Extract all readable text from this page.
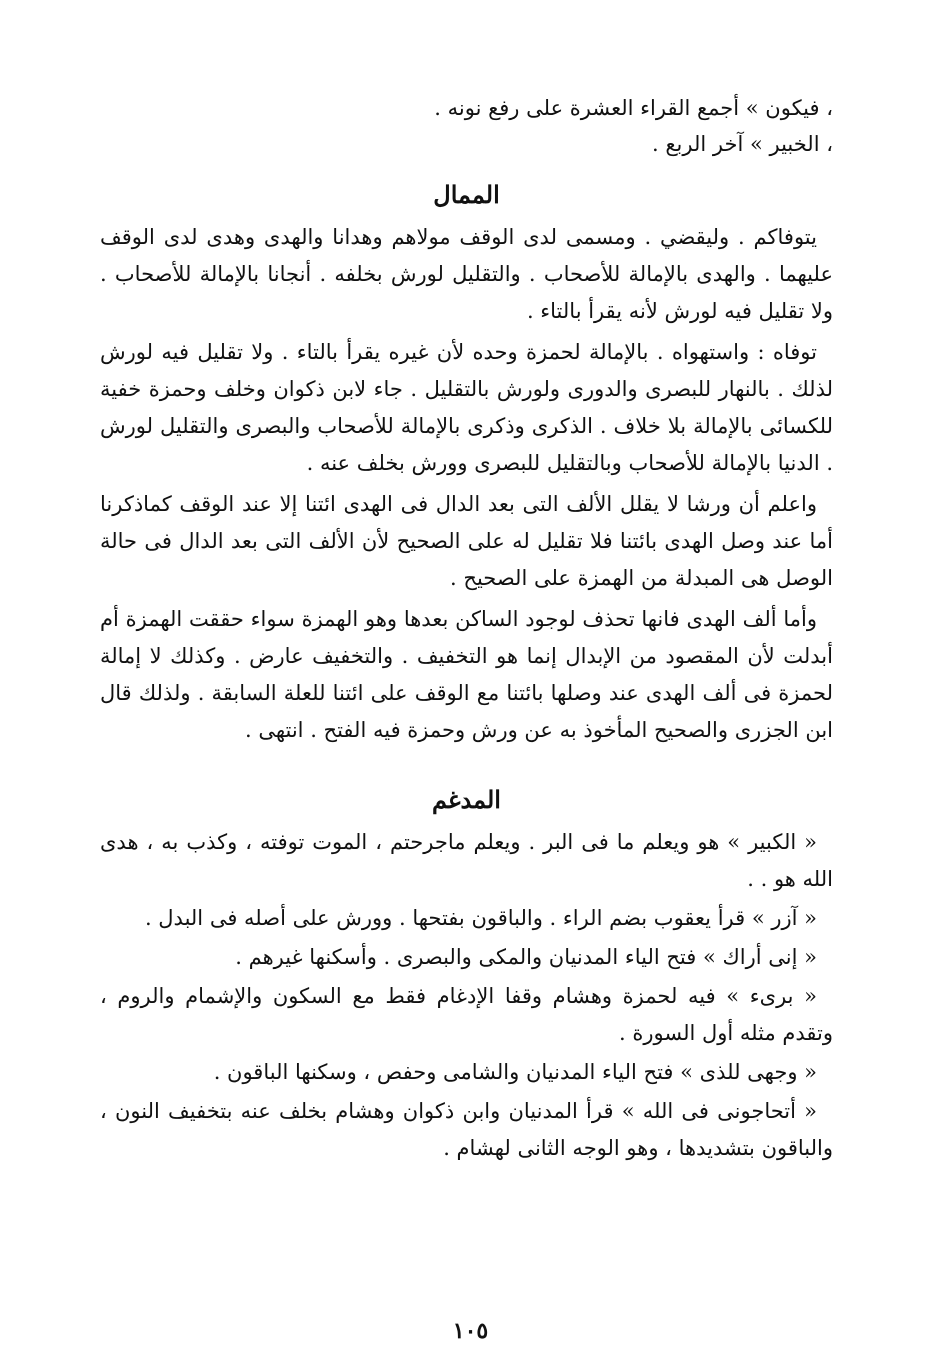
، فيكون » أجمع القراء العشرة على رفع نونه .

، الخبير » آخر الربع .

الممال

يتوفاكم . وليقضي . ومسمى لدى الوقف مولاهم وهدانا والهدى وهدى لدى الوقف عليهما . والهدى بالإمالة للأصحاب . والتقليل لورش بخلفه . أنجانا بالإمالة للأصحاب . ولا تقليل فيه لورش لأنه يقرأ بالتاء .

توفاه : واستهواه . بالإمالة لحمزة وحده لأن غيره يقرأ بالتاء . ولا تقليل فيه لورش لذلك . بالنهار للبصرى والدورى ولورش بالتقليل . جاء لابن ذكوان وخلف وحمزة خفية للكسائى بالإمالة بلا خلاف . الذكرى وذكرى بالإمالة للأصحاب والبصرى والتقليل لورش . الدنيا بالإمالة للأصحاب وبالتقليل للبصرى وورش بخلف عنه .

واعلم أن ورشا لا يقلل الألف التى بعد الدال فى الهدى ائتنا إلا عند الوقف كماذكرنا أما عند وصل الهدى بائتنا فلا تقليل له على الصحيح لأن الألف التى بعد الدال فى حالة الوصل هى المبدلة من الهمزة على الصحيح .

وأما ألف الهدى فانها تحذف لوجود الساكن بعدها وهو الهمزة سواء حققت الهمزة أم أبدلت لأن المقصود من الإبدال إنما هو التخفيف . والتخفيف عارض . وكذلك لا إمالة لحمزة فى ألف الهدى عند وصلها بائتنا مع الوقف على ائتنا للعلة السابقة . ولذلك قال ابن الجزرى والصحيح المأخوذ به عن ورش وحمزة فيه الفتح . انتهى .

المدغم

« الكبير » هو ويعلم ما فى البر . ويعلم ماجرحتم ، الموت توفته ، وكذب به ، هدى الله هو . .

« آزر » قرأ يعقوب بضم الراء . والباقون بفتحها . وورش على أصله فى البدل .

« إنى أراك » فتح الياء المدنيان والمكى والبصرى . وأسكنها غيرهم .

« برىء » فيه لحمزة وهشام وقفا الإدغام فقط مع السكون والإشمام والروم ، وتقدم مثله أول السورة .

« وجهى للذى » فتح الياء المدنيان والشامى وحفص ، وسكنها الباقون .

« أتحاجونى فى الله » قرأ المدنيان وابن ذكوان وهشام بخلف عنه بتخفيف النون ، والباقون بتشديدها ، وهو الوجه الثانى لهشام .

١٠٥
